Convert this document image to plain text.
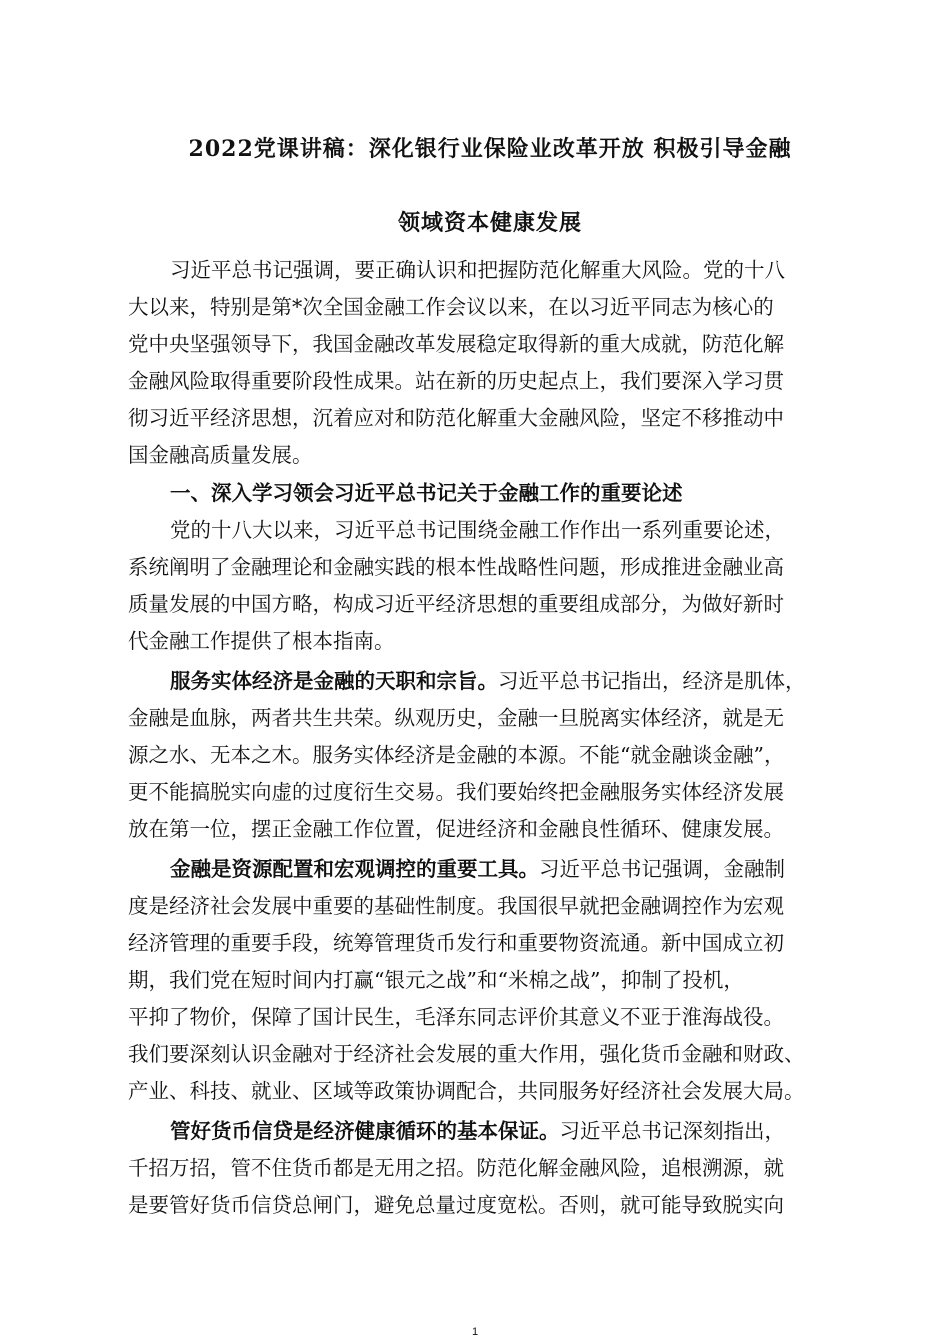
2022党课讲稿：深化银行业保险业改革开放 积极引导金融
领域资本健康发展
习近平总书记强调，要正确认识和把握防范化解重大风险。党的十八
大以来，特别是第*次全国金融工作会议以来，在以习近平同志为核心的
党中央坚强领导下，我国金融改革发展稳定取得新的重大成就，防范化解
金融风险取得重要阶段性成果。站在新的历史起点上，我们要深入学习贯
彻习近平经济思想，沉着应对和防范化解重大金融风险，坚定不移推动中
国金融高质量发展。
一、深入学习领会习近平总书记关于金融工作的重要论述
党的十八大以来，习近平总书记围绕金融工作作出一系列重要论述，
系统阐明了金融理论和金融实践的根本性战略性问题，形成推进金融业高
质量发展的中国方略，构成习近平经济思想的重要组成部分，为做好新时
代金融工作提供了根本指南。
服务实体经济是金融的天职和宗旨。习近平总书记指出，经济是肌体，
金融是血脉，两者共生共荣。纵观历史，金融一旦脱离实体经济，就是无
源之水、无本之木。服务实体经济是金融的本源。不能“就金融谈金融”，
更不能搞脱实向虚的过度衍生交易。我们要始终把金融服务实体经济发展
放在第一位，摆正金融工作位置，促进经济和金融良性循环、健康发展。
金融是资源配置和宏观调控的重要工具。习近平总书记强调，金融制
度是经济社会发展中重要的基础性制度。我国很早就把金融调控作为宏观
经济管理的重要手段，统筹管理货币发行和重要物资流通。新中国成立初
期，我们党在短时间内打赢“银元之战”和“米棉之战”，抑制了投机，
平抑了物价，保障了国计民生，毛泽东同志评价其意义不亚于淮海战役。
我们要深刻认识金融对于经济社会发展的重大作用，强化货币金融和财政、
产业、科技、就业、区域等政策协调配合，共同服务好经济社会发展大局。
管好货币信贷是经济健康循环的基本保证。习近平总书记深刻指出，
千招万招，管不住货币都是无用之招。防范化解金融风险，追根溯源，就
是要管好货币信贷总闸门，避免总量过度宽松。否则，就可能导致脱实向
1
